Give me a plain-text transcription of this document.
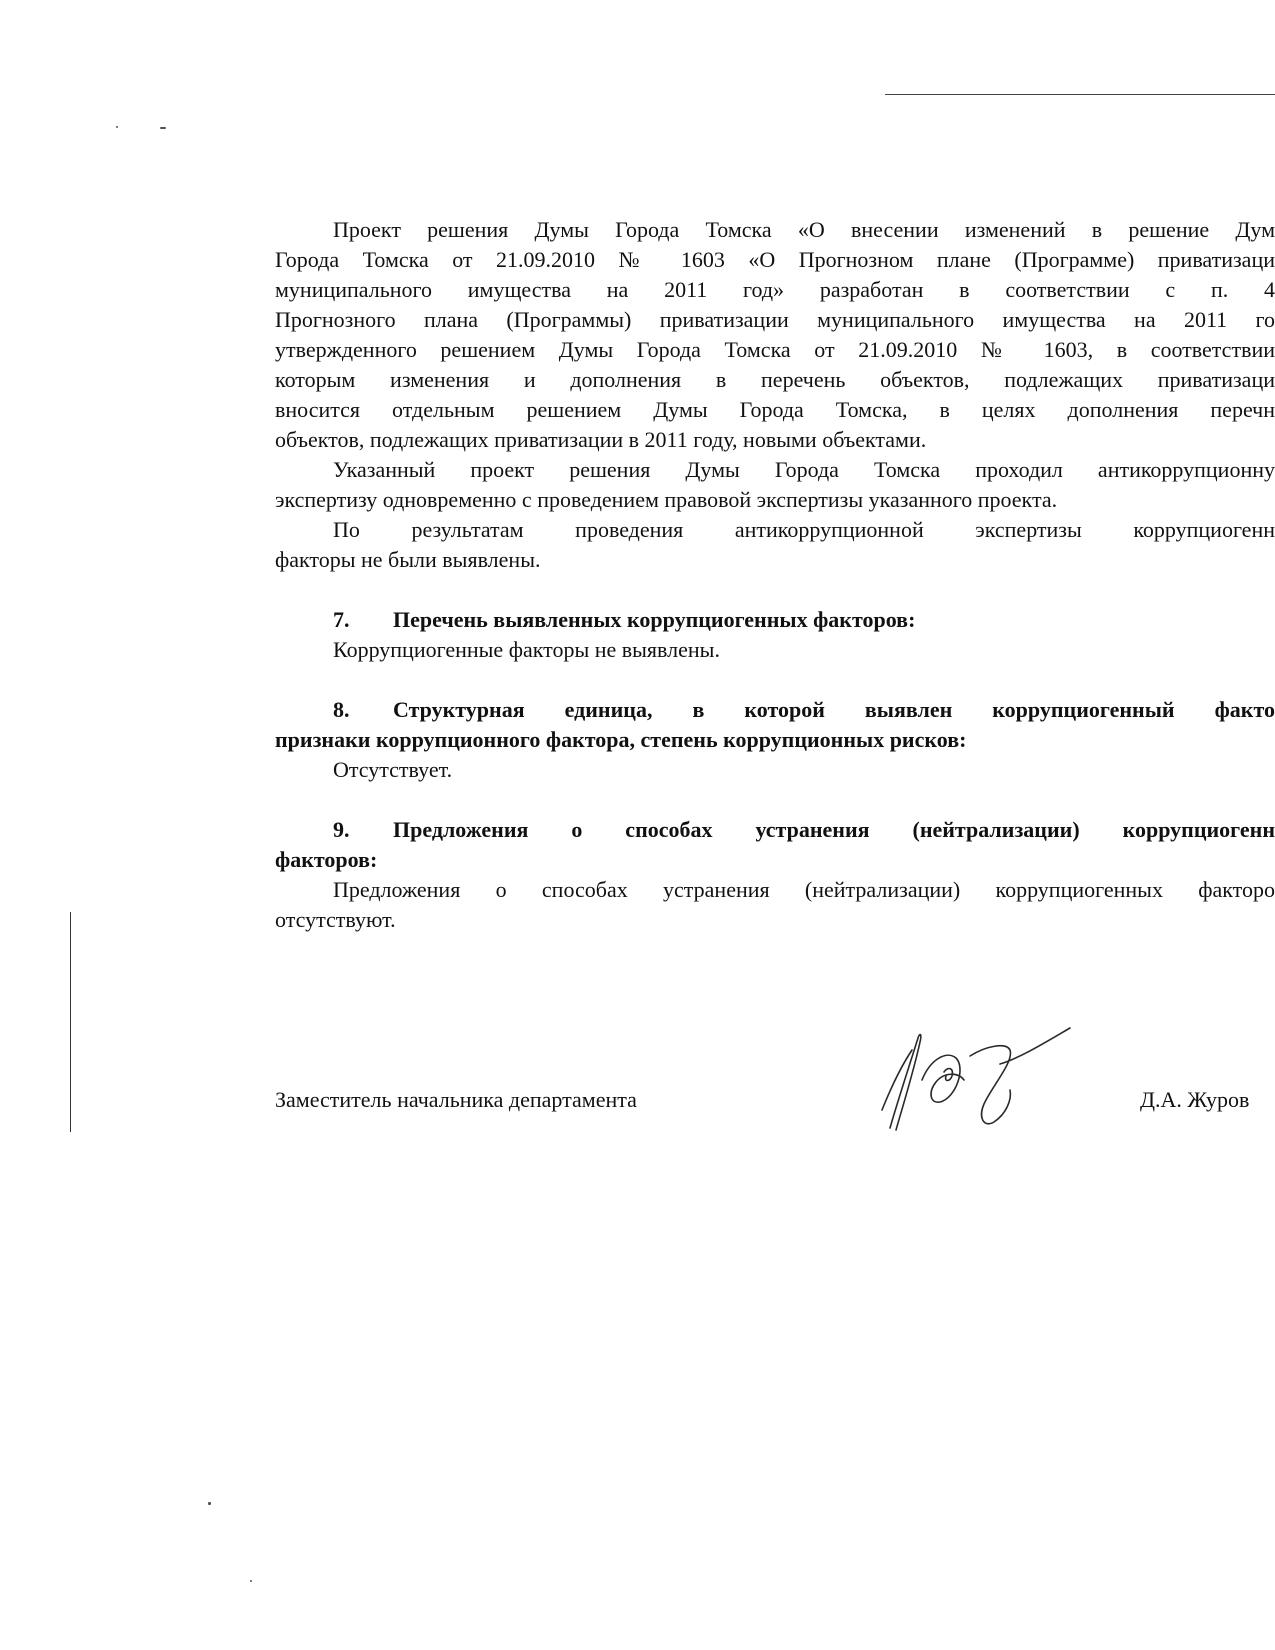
Проект решения Думы Города Томска «О внесении изменений в решение Дум
Города Томска от 21.09.2010 № 1603 «О Прогнозном плане (Программе) приватизаци
муниципального имущества на 2011 год» разработан в соответствии с п. 4
Прогнозного плана (Программы) приватизации муниципального имущества на 2011 го
утвержденного решением Думы Города Томска от 21.09.2010 № 1603, в соответствии
которым изменения и дополнения в перечень объектов, подлежащих приватизаци
вносится отдельным решением Думы Города Томска, в целях дополнения перечн
объектов, подлежащих приватизации в 2011 году, новыми объектами.
Указанный проект решения Думы Города Томска проходил антикоррупционну
экспертизу одновременно с проведением правовой экспертизы указанного проекта.
По результатам проведения антикоррупционной экспертизы коррупциогенн
факторы не были выявлены.
7. Перечень выявленных коррупциогенных факторов:
Коррупциогенные факторы не выявлены.
8. Структурная единица, в которой выявлен коррупциогенный факто
признаки коррупционного фактора, степень коррупционных рисков:
Отсутствует.
9. Предложения о способах устранения (нейтрализации) коррупциогенн
факторов:
Предложения о способах устранения (нейтрализации) коррупциогенных факторо
отсутствуют.
Заместитель начальника департамента	Д.А. Журов
